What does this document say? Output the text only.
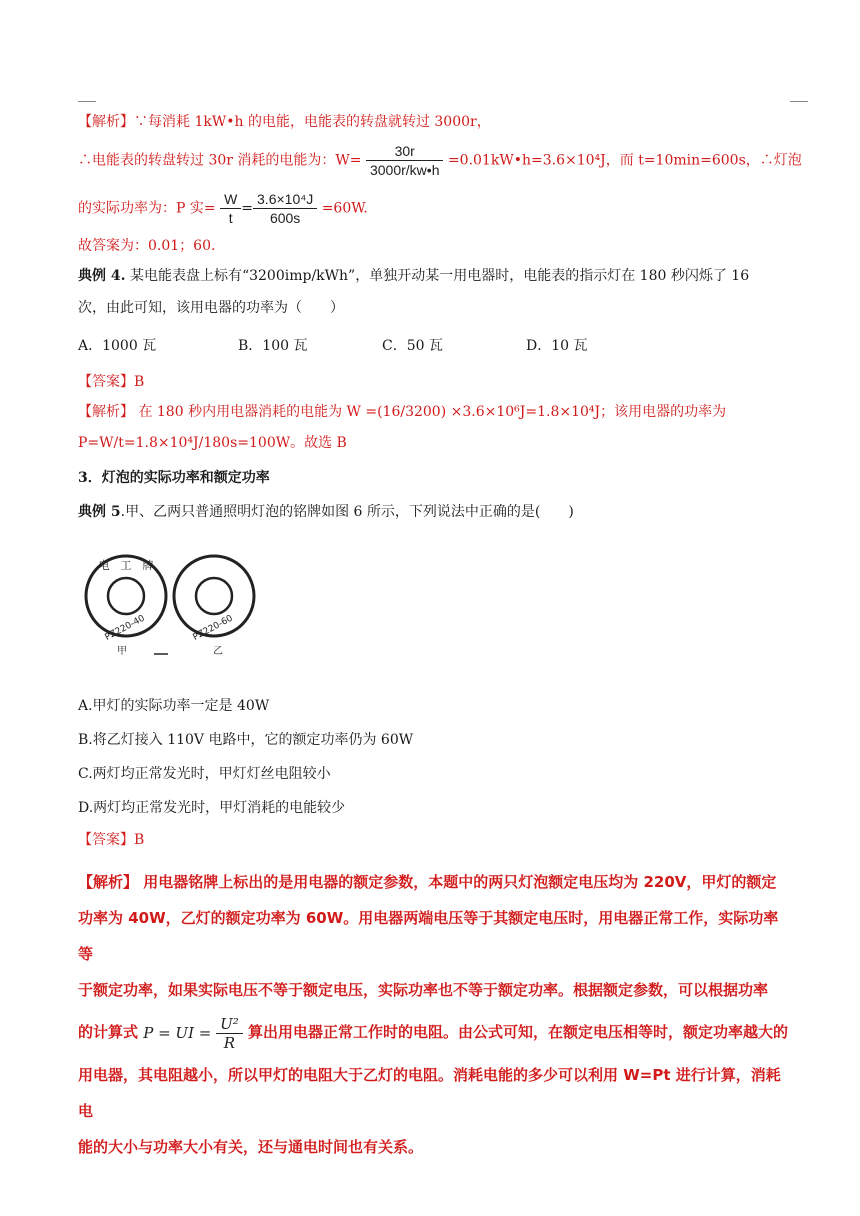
【解析】∵每消耗 1kW•h 的电能，电能表的转盘就转过 3000r，
∴电能表的转盘转过 30r 消耗的电能为：$W= \frac{30r}{3000r/kw•h}$ =0.01kW•h=3.6×10⁴J，而 t=10min=600s，∴灯泡
的实际功率为：P 实= $\frac{W}{t} = \frac{\text{3.6×10⁴J}}{600s} =60W$.
故答案为：0.01；60.
典例 4. 某电能表盘上标有“3200imp/kWh”，单独开动某一用电器时，电能表的指示灯在 180 秒闪烁了 16
次，由此可知，该用电器的功率为（　　）
A．1000 瓦	B．100 瓦	C．50 瓦	D．10 瓦
【答案】B
【解析】 在 180 秒内用电器消耗的电能为 W =(16/3200) ×3.6×10⁶J=1.8×10⁴J；该用电器的功率为
P=W/t=1.8×10⁴J/180s=100W。故选 B
3．灯泡的实际功率和额定功率
典例 5.甲、乙两只普通照明灯泡的铭牌如图 6 所示，下列说法中正确的是(　　)
电　工　牌
PZ220-40
甲
PZ220-60
乙
A.甲灯的实际功率一定是 40W
B.将乙灯接入 110V 电路中，它的额定功率仍为 60W
C.两灯均正常发光时，甲灯灯丝电阻较小
D.两灯均正常发光时，甲灯消耗的电能较少
【答案】B
【解析】 用电器铭牌上标出的是用电器的额定参数，本题中的两只灯泡额定电压均为 220V，甲灯的额定
功率为 40W，乙灯的额定功率为 60W。用电器两端电压等于其额定电压时，用电器正常工作，实际功率等
于额定功率，如果实际电压不等于额定电压，实际功率也不等于额定功率。根据额定参数，可以根据功率
的计算式 P = UI = $\frac{\text{U²}}{R}$ 算出用电器正常工作时的电阻。由公式可知，在额定电压相等时，额定功率越大的
用电器，其电阻越小，所以甲灯的电阻大于乙灯的电阻。消耗电能的多少可以利用 W=Pt 进行计算，消耗电
能的大小与功率大小有关，还与通电时间也有关系。
